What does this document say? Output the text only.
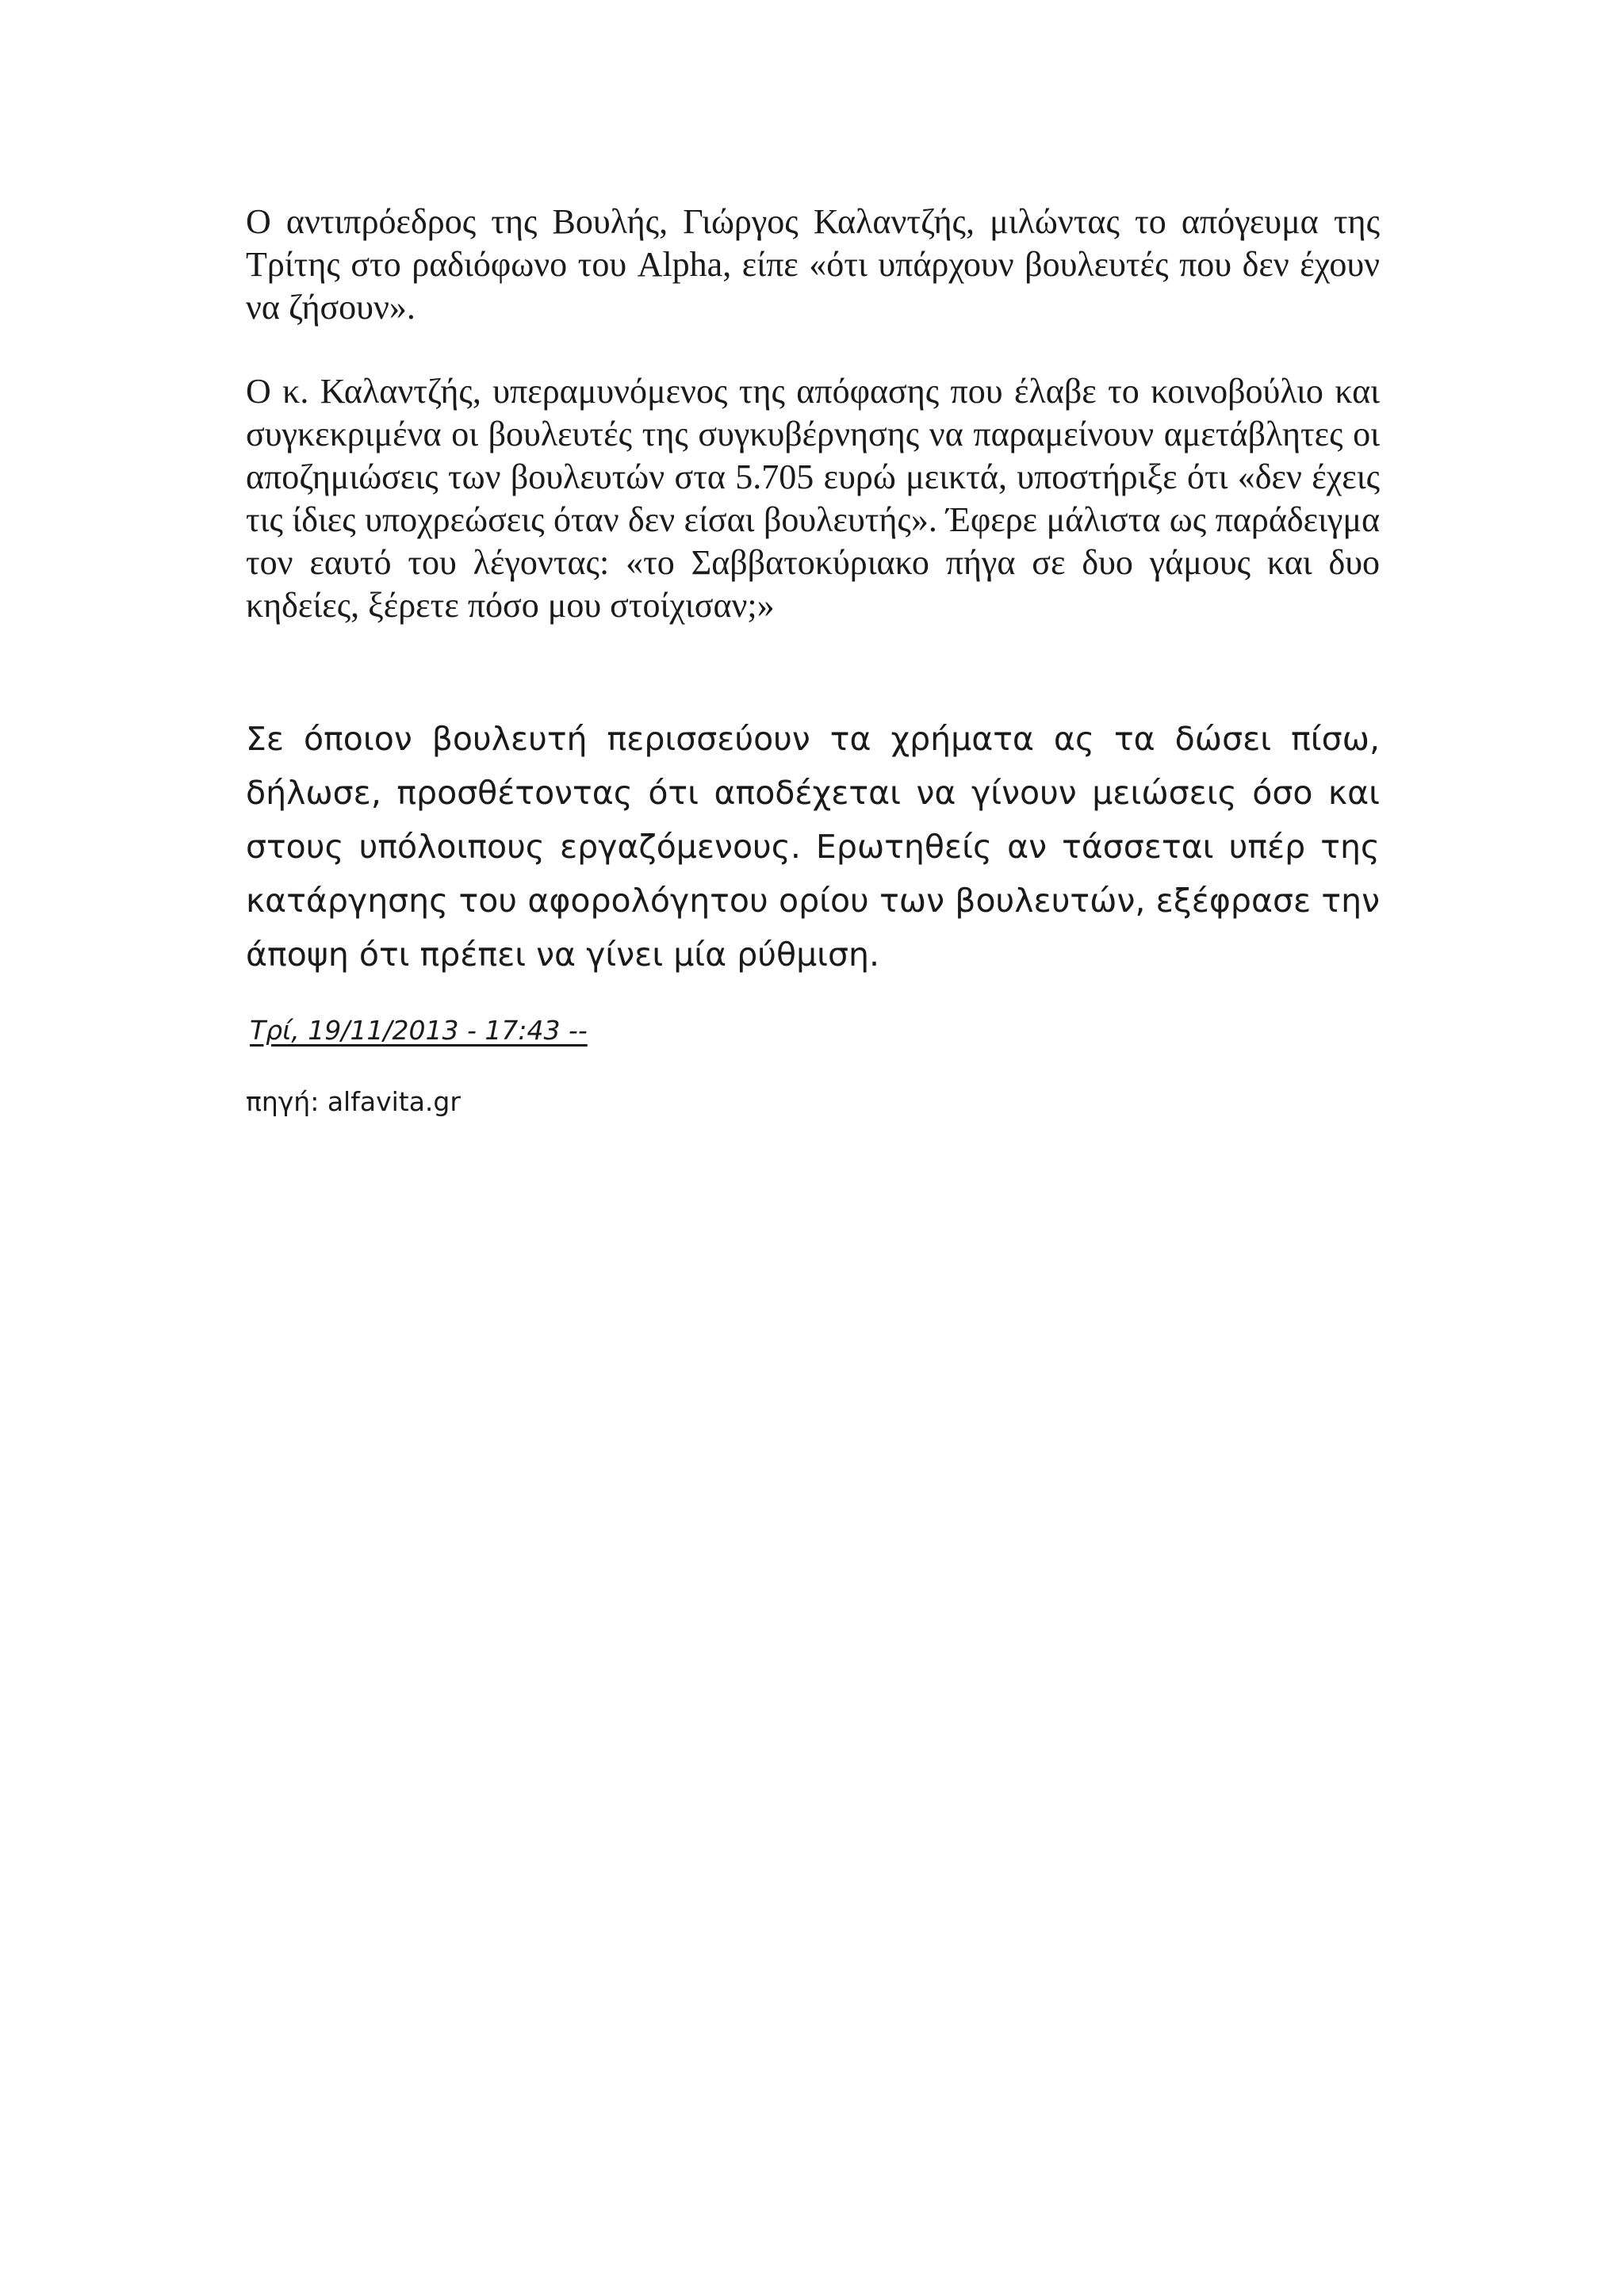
Ο αντιπρόεδρος της Βουλής, Γιώργος Καλαντζής, μιλώντας το απόγευμα της Τρίτης στο ραδιόφωνο του Alpha, είπε «ότι υπάρχουν βουλευτές που δεν έχουν να ζήσουν».

Ο κ. Καλαντζής, υπεραμυνόμενος της απόφασης που έλαβε το κοινοβούλιο και συγκεκριμένα οι βουλευτές της συγκυβέρνησης να παραμείνουν αμετάβλητες οι αποζημιώσεις των βουλευτών στα 5.705 ευρώ μεικτά, υποστήριξε ότι «δεν έχεις τις ίδιες υποχρεώσεις όταν δεν είσαι βουλευτής». Έφερε μάλιστα ως παράδειγμα τον εαυτό του λέγοντας: «το Σαββατοκύριακο πήγα σε δυο γάμους και δυο κηδείες, ξέρετε πόσο μου στοίχισαν;»

Σε όποιον βουλευτή περισσεύουν τα χρήματα ας τα δώσει πίσω, δήλωσε, προσθέτοντας ότι αποδέχεται να γίνουν μειώσεις όσο και στους υπόλοιπους εργαζόμενους. Ερωτηθείς αν τάσσεται υπέρ της κατάργησης του αφορολόγητου ορίου των βουλευτών, εξέφρασε την άποψη ότι πρέπει να γίνει μία ρύθμιση.

Τρί, 19/11/2013 - 17:43 --

πηγή: alfavita.gr
